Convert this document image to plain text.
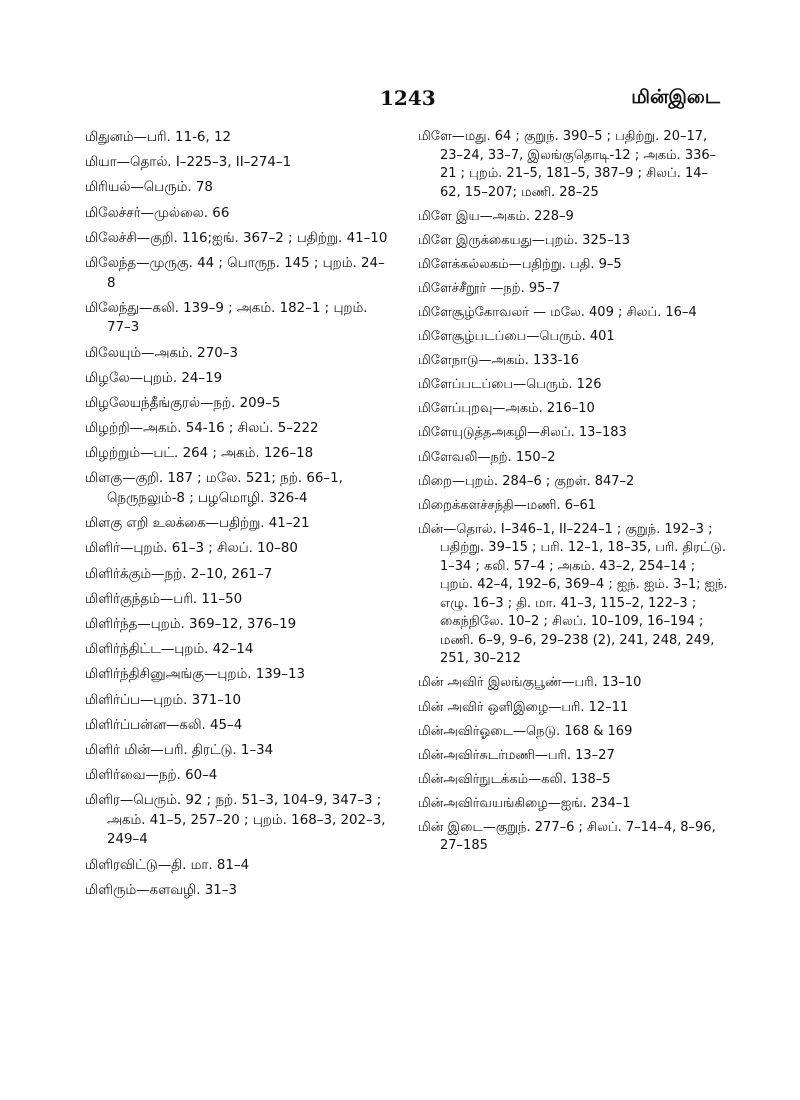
1243	மின்இடை

மிதுனம்—பரி. 11-6, 12

மியா—தொல். I–225–3, II–274–1

மிரியல்—பெரும். 78

மிலேச்சர்—முல்லை. 66

மிலேச்சி—குறி. 116;ஐங். 367–2 ; பதிற்று. 41–10

மிலேந்த—முருகு. 44 ; பொருந. 145 ; புறம். 24–8

மிலேந்து—கலி. 139–9 ; அகம். 182–1 ; புறம். 77–3

மிலேயும்—அகம். 270–3

மிழலே—புறம். 24–19

மிழலேயந்தீங்குரல்—நற். 209–5

மிழற்றி—அகம். 54-16 ; சிலப். 5–222

மிழற்றும்—பட். 264 ; அகம். 126–18

மிளகு—குறி. 187 ; மலே. 521; நற். 66–1, நெருநலும்-8 ; பழமொழி. 326-4

மிளகு எறி உலக்கை—பதிற்று. 41–21

மிளிர்—புறம். 61–3 ; சிலப். 10–80

மிளிர்க்கும்—நற். 2–10, 261–7

மிளிர்குந்தம்—பரி. 11–50

மிளிர்ந்த—புறம். 369–12, 376–19

மிளிர்ந்திட்ட—புறம். 42–14

மிளிர்ந்திசினுஅங்கு—புறம். 139–13

மிளிர்ப்ப—புறம். 371–10

மிளிர்ப்பன்ன—கலி. 45–4

மிளிர் மின்—பரி. திரட்டு. 1–34

மிளிர்வை—நற். 60–4

மிளிர—பெரும். 92 ; நற். 51–3, 104–9, 347–3 ; அகம். 41–5, 257–20 ; புறம். 168–3, 202–3, 249–4

மிளிரவிட்டு—தி. மா. 81–4

மிளிரும்—களவழி. 31–3

மிளே—மது. 64 ; குறுந். 390–5 ; பதிற்று. 20–17, 23–24, 33–7, இலங்குதொடி-12 ; அகம். 336–21 ; புறம். 21–5, 181–5, 387–9 ; சிலப். 14–62, 15–207; மணி. 28–25

மிளே இய—அகம். 228–9

மிளே இருக்கையது—புறம். 325–13

மிளேக்கல்லகம்—பதிற்று. பதி. 9–5

மிளேச்சீறூர் —நற். 95–7

மிளேசூழ்கோவலர் — மலே. 409 ; சிலப். 16–4

மிளேசூழ்படப்பை—பெரும். 401

மிளேநாடு—அகம். 133-16

மிளேப்படப்பை—பெரும். 126

மிளேப்புறவு—அகம். 216–10

மிளேயுடுத்தஅகழி—சிலப். 13–183

மிளேவலி—நற். 150–2

மிறை—புறம். 284–6 ; குறள். 847–2

மிறைக்களச்சந்தி—மணி. 6–61

மின்—தொல். I–346–1, II–224–1 ; குறுந். 192–3 ; பதிற்று. 39–15 ; பரி. 12–1, 18–35, பரி. திரட்டு. 1–34 ; கலி. 57–4 ; அகம். 43–2, 254–14 ; புறம். 42–4, 192–6, 369–4 ; ஐந். ஐம். 3–1; ஐந். எழு. 16–3 ; தி. மா. 41–3, 115–2, 122–3 ; கைந்நிலே. 10–2 ; சிலப். 10–109, 16–194 ; மணி. 6–9, 9–6, 29–238 (2), 241, 248, 249, 251, 30–212

மின் அவிர் இலங்குபூண்—பரி. 13–10

மின் அவிர் ஒளிஇழை—பரி. 12–11

மின்அவிர்ஓடை—நெடு. 168 & 169

மின்அவிர்சுடர்மணி—பரி. 13–27

மின்அவிர்நுடக்கம்—கலி. 138–5

மின்அவிர்வயங்கிழை—ஐங். 234–1

மின் இடை—குறுந். 277–6 ; சிலப். 7–14–4, 8–96, 27–185
